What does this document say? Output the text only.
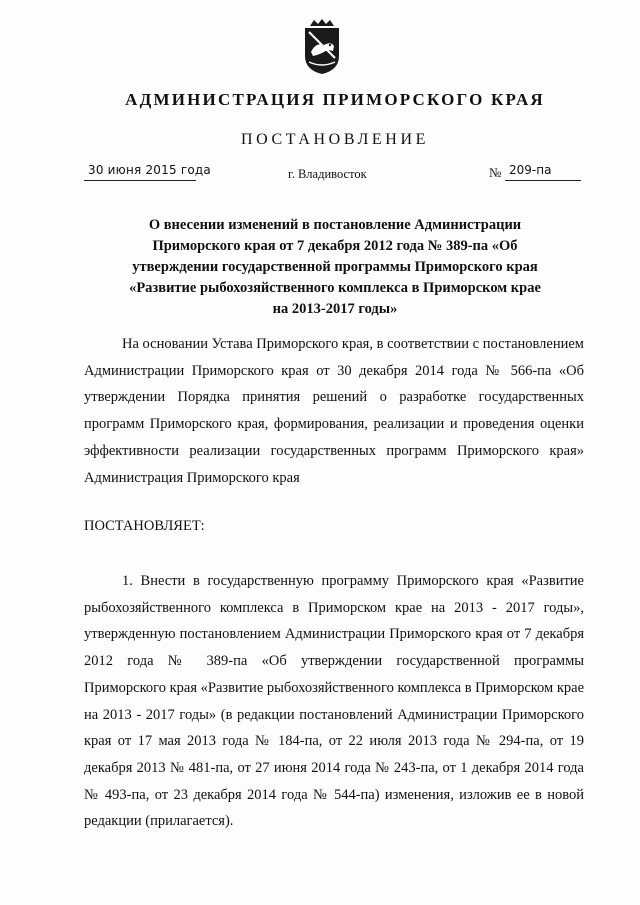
АДМИНИСТРАЦИЯ ПРИМОРСКОГО КРАЯ
ПОСТАНОВЛЕНИЕ
30 июня 2015 года	г. Владивосток	№ 209-па
О внесении изменений в постановление Администрации Приморского края от 7 декабря 2012 года № 389-па «Об утверждении государственной программы Приморского края «Развитие рыбохозяйственного комплекса в Приморском крае на 2013-2017 годы»

На основании Устава Приморского края, в соответствии с постановлением Администрации Приморского края от 30 декабря 2014 года № 566-па «Об утверждении Порядка принятия решений о разработке государственных программ Приморского края, формирования, реализации и проведения оценки эффективности реализации государственных программ Приморского края» Администрация Приморского края

ПОСТАНОВЛЯЕТ:

1. Внести в государственную программу Приморского края «Развитие рыбохозяйственного комплекса в Приморском крае на 2013 - 2017 годы», утвержденную постановлением Администрации Приморского края от 7 декабря 2012 года № 389-па «Об утверждении государственной программы Приморского края «Развитие рыбохозяйственного комплекса в Приморском крае на 2013 - 2017 годы» (в редакции постановлений Администрации Приморского края от 17 мая 2013 года № 184-па, от 22 июля 2013 года № 294-па, от 19 декабря 2013 № 481-па, от 27 июня 2014 года № 243-па, от 1 декабря 2014 года № 493-па, от 23 декабря 2014 года № 544-па) изменения, изложив ее в новой редакции (прилагается).
